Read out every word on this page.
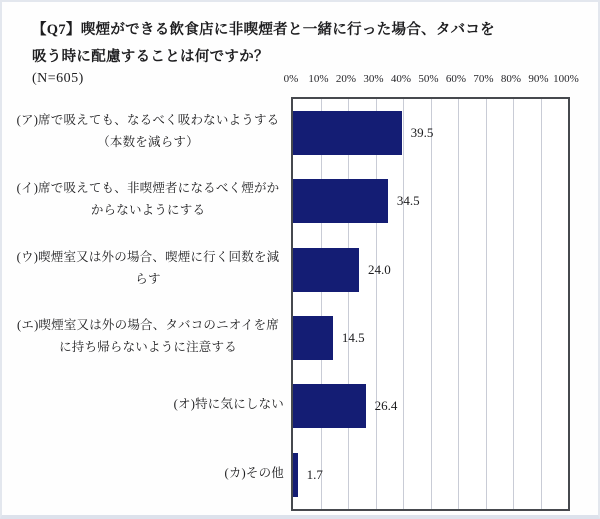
【Q7】喫煙ができる飲食店に非喫煙者と一緒に行った場合、タバコを吸う時に配慮することは何ですか？
(N=605)	0% 10% 20% 30% 40% 50% 60% 70% 80% 90% 100%
(ア)席で吸えても、なるべく吸わないようする（本数を減らす）
(イ)席で吸えても、非喫煙者になるべく煙がかからないようにする
(ウ)喫煙室又は外の場合、喫煙に行く回数を減らす
(エ)喫煙室又は外の場合、タバコのニオイを席に持ち帰らないように注意する
(オ)特に気にしない
(カ)その他
39.5
34.5
24.0
14.5
26.4
1.7
